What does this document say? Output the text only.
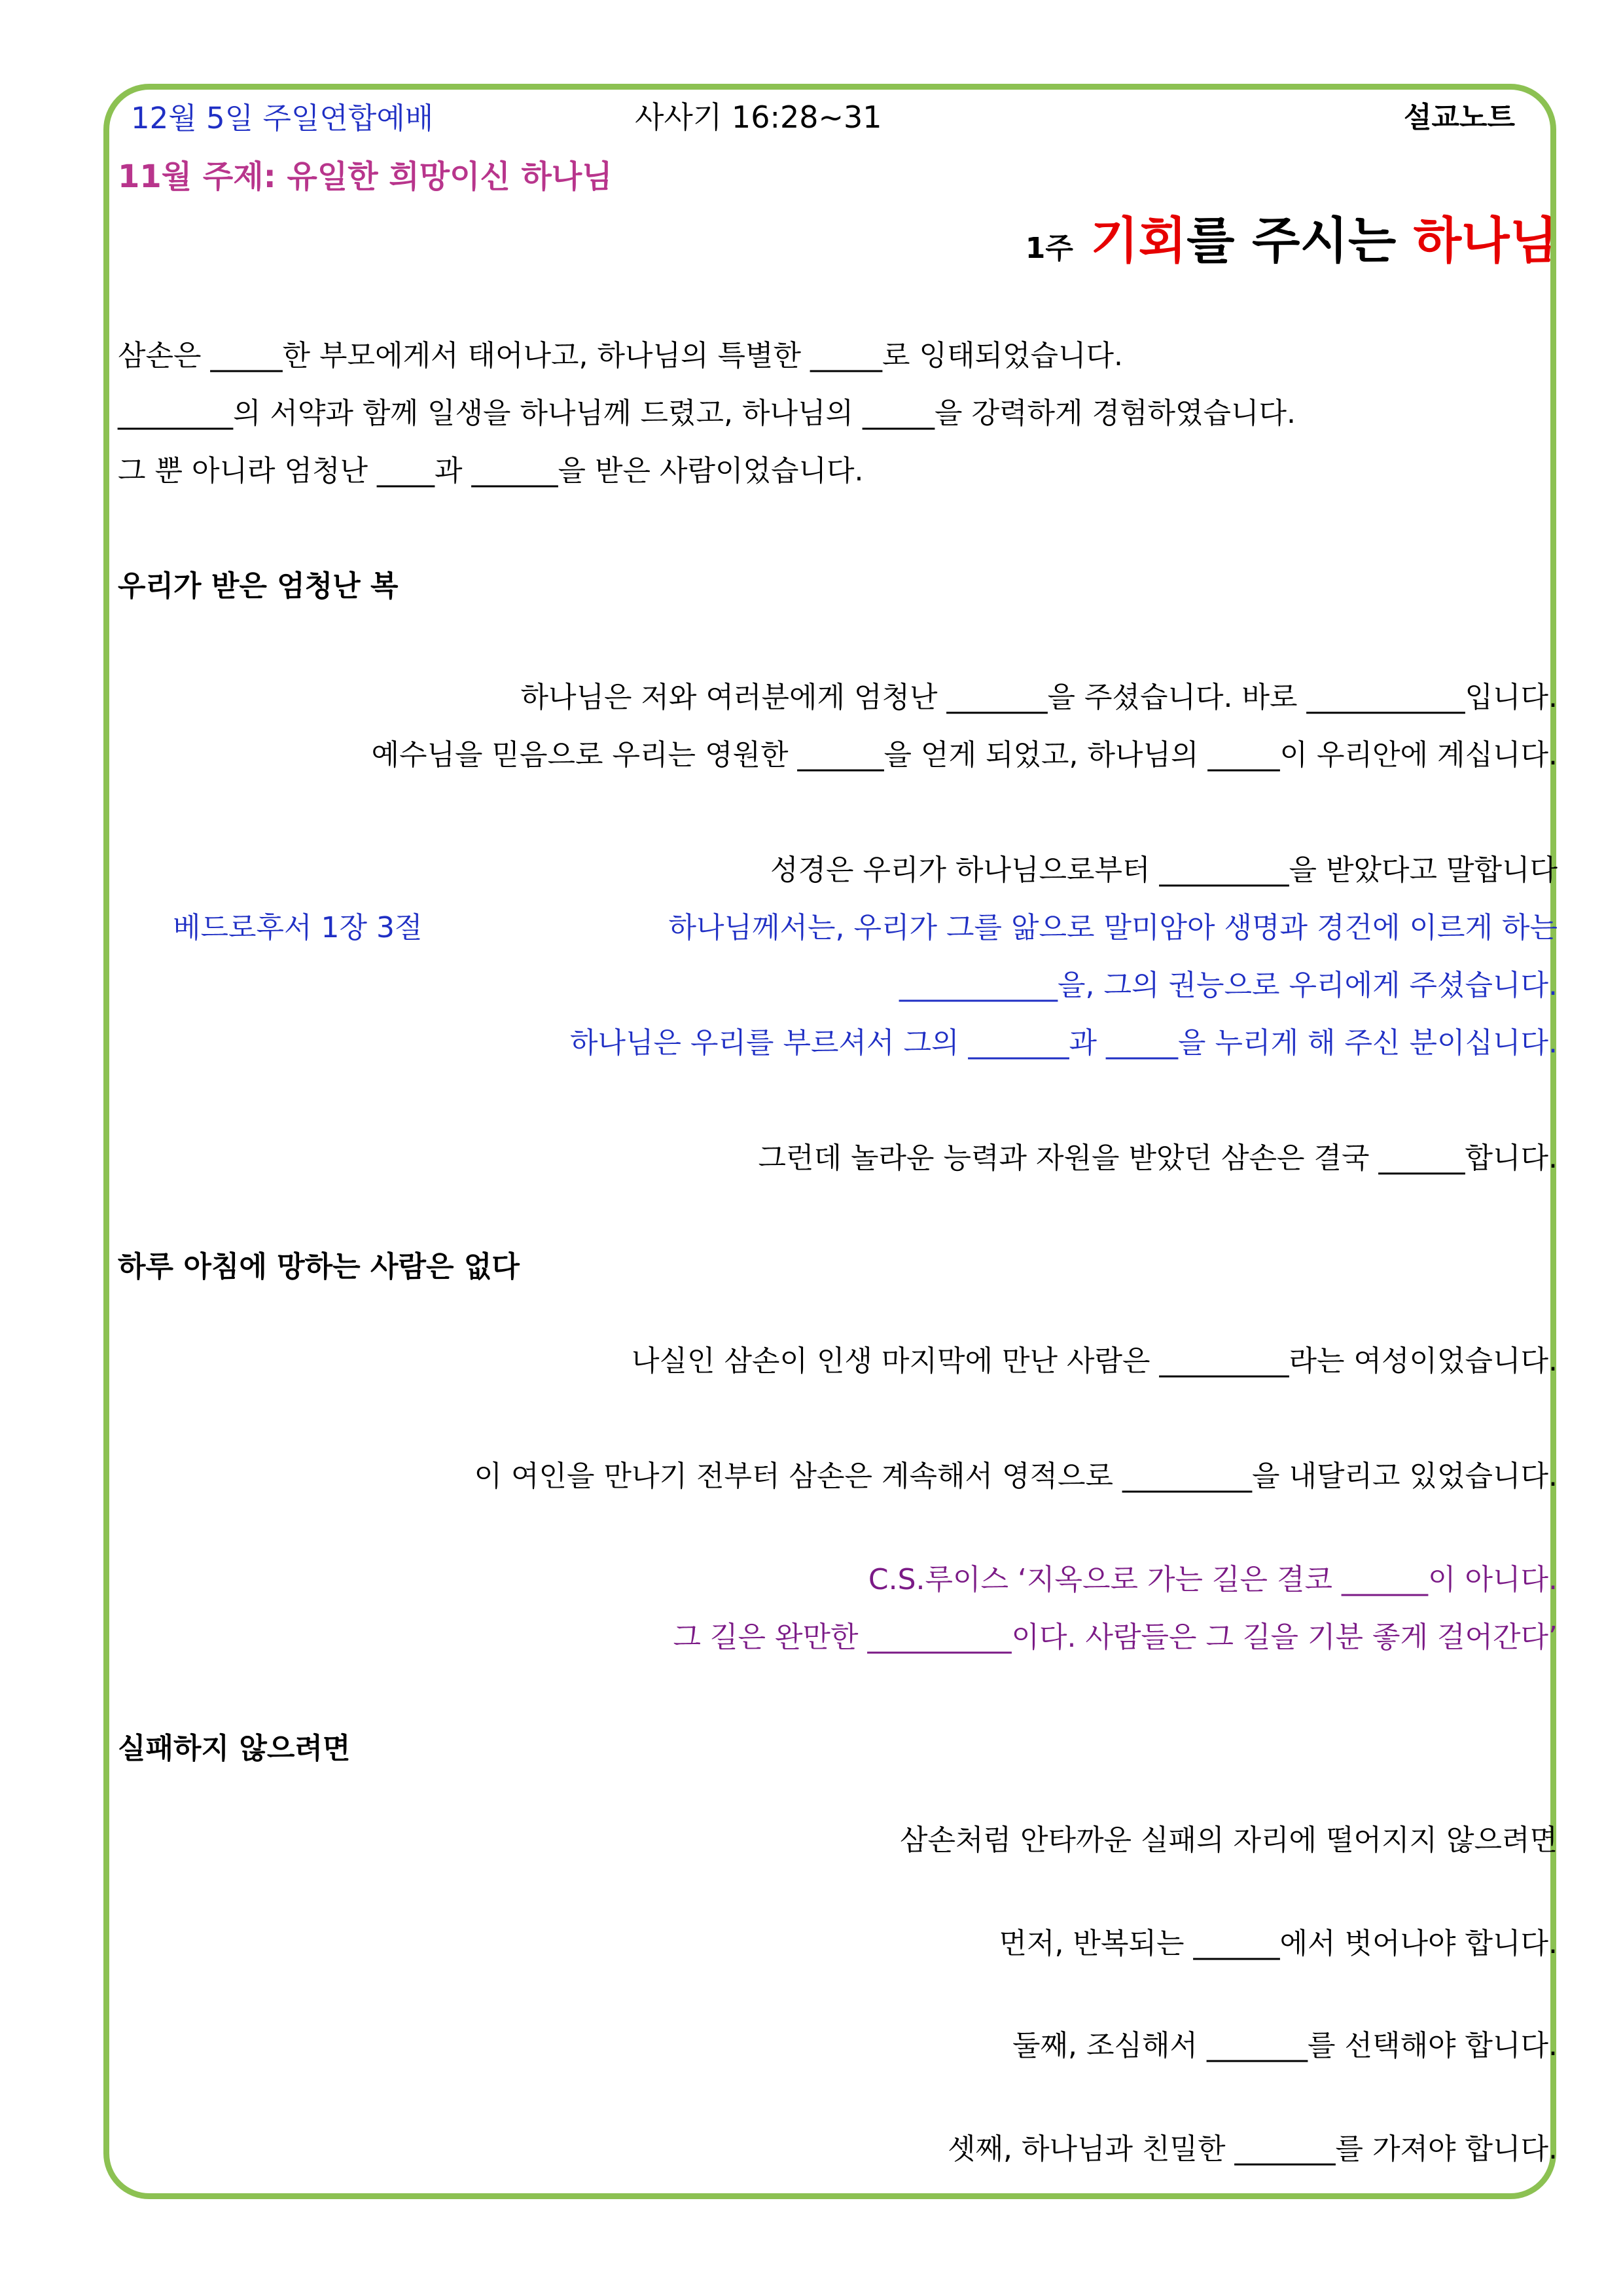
12월 5일 주일연합예배	사사기 16:28~31	설교노트
11월 주제: 유일한 희망이신 하나님
1주 기회를 주시는 하나님
삼손은 _____한 부모에게서 태어나고, 하나님의 특별한 _____로 잉태되었습니다.
________의 서약과 함께 일생을 하나님께 드렸고, 하나님의 _____을 강력하게 경험하였습니다.
그 뿐 아니라 엄청난 ____과 ______을 받은 사람이었습니다.
우리가 받은 엄청난 복
하나님은 저와 여러분에게 엄청난 _______을 주셨습니다. 바로 ___________입니다.
예수님을 믿음으로 우리는 영원한 ______을 얻게 되었고, 하나님의 _____이 우리안에 계십니다.
성경은 우리가 하나님으로부터 _________을 받았다고 말합니다
베드로후서 1장 3절	하나님께서는, 우리가 그를 앎으로 말미암아 생명과 경건에 이르게 하는
___________을, 그의 권능으로 우리에게 주셨습니다.
하나님은 우리를 부르셔서 그의 _______과 _____을 누리게 해 주신 분이십니다.
그런데 놀라운 능력과 자원을 받았던 삼손은 결국 ______합니다.
하루 아침에 망하는 사람은 없다
나실인 삼손이 인생 마지막에 만난 사람은 _________라는 여성이었습니다.
이 여인을 만나기 전부터 삼손은 계속해서 영적으로 _________을 내달리고 있었습니다.
C.S.루이스 ‘지옥으로 가는 길은 결코 ______이 아니다.
그 길은 완만한 __________이다. 사람들은 그 길을 기분 좋게 걸어간다’
실패하지 않으려면
삼손처럼 안타까운 실패의 자리에 떨어지지 않으려면
먼저, 반복되는 ______에서 벗어나야 합니다.
둘째, 조심해서 _______를 선택해야 합니다.
셋째, 하나님과 친밀한 _______를 가져야 합니다.
